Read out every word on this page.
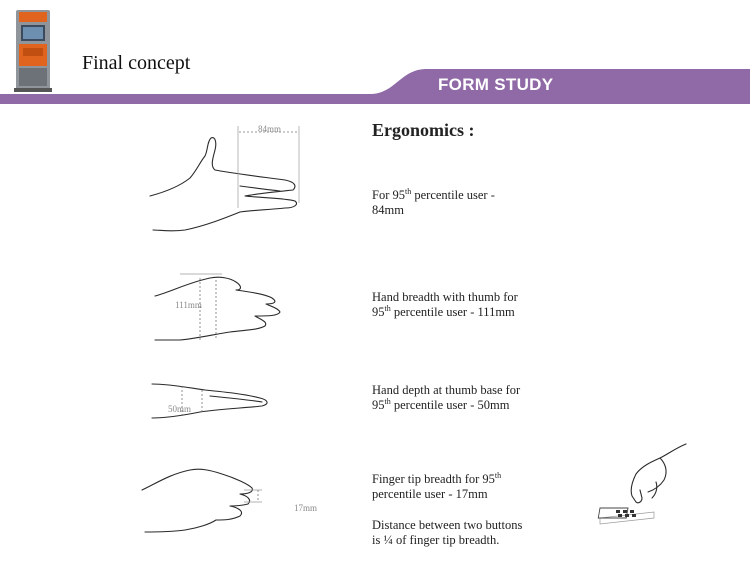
Final concept
FORM STUDY
Ergonomics :
84mm
For 95th percentile user -
84mm
111mm
Hand breadth with thumb for
95th percentile user - 111mm
50mm
Hand depth at thumb base for
95th percentile user - 50mm
17mm
Finger tip breadth for 95th
percentile user - 17mm
Distance between two buttons
is ¼ of finger tip breadth.
